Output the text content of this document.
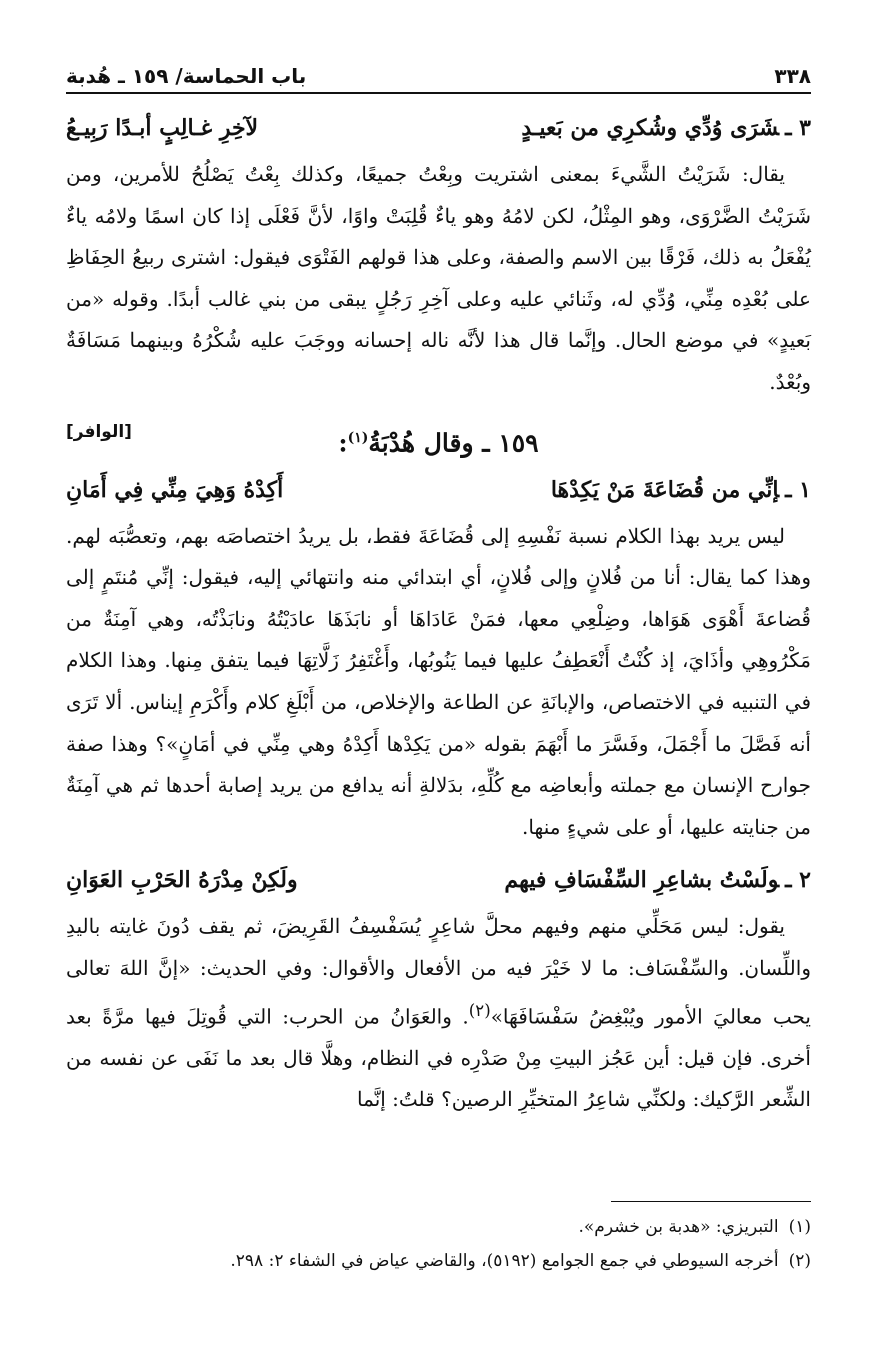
٣٣٨
باب الحماسة/ ١٥٩ ـ هُدبة
٣ ـشَرَى وُدِّي وشُكرِي من بَعيـدٍ
لآخِرِ غـالِبٍ أبـدًا رَبِيـعُ

يقال: شَرَيْتُ الشَّيءَ بمعنى اشتريت وبِعْتُ جميعًا، وكذلك بِعْتُ يَصْلُحُ للأمرين، ومن شَرَيْتُ الضَّرْوَى، وهو المِثْلُ، لكن لامُهُ وهو ياءٌ قُلِبَتْ واوًا، لأنَّ فَعْلَى إذا كان اسمًا ولامُه ياءٌ يُفْعَلُ به ذلك، فَرْقًا بين الاسم والصفة، وعلى هذا قولهم الفَتْوَى فيقول: اشترى ربيعُ الحِفَاظِ على بُعْدِه مِنِّي، وُدِّي له، وثَنائي عليه وعلى آخِرِ رَجُلٍ يبقى من بني غالب أبدًا. وقوله «من بَعيدٍ» في موضع الحال. وإنَّما قال هذا لأنَّه ناله إحسانه ووجَبَ عليه شُكْرُهُ وبينهما مَسَافَةٌ وبُعْدٌ.

١٥٩ ـ وقال هُدْبَةُ$^{(١)}$:
[الوافر]
١ ـإنِّي من قُضَاعَةَ مَنْ يَكِدْهَا
أَكِدْهُ وَهِيَ مِنِّي فِي أَمَانِ

ليس يريد بهذا الكلام نسبة نَفْسِهِ إلى قُضَاعَةَ فقط، بل يريدُ اختصاصَه بهم، وتعصُّبَه لهم. وهذا كما يقال: أنا من فُلانٍ وإلى فُلانٍ، أي ابتدائي منه وانتهائي إليه، فيقول: إنِّي مُنتَمٍ إلى قُضاعةَ أَهْوَى هَوَاها، وضِلْعِي معها، فمَنْ عَادَاهَا أو نابَذَهَا عادَيْتُهُ ونابَذْتُه، وهي آمِنَةٌ من مَكْرُوهِي وأذَايَ، إذ كُنْتُ أَنْعَطِفُ عليها فيما يَنُوبُها، وأَغْتَفِرُ زَلَّاتِهَا فيما يتفق مِنها. وهذا الكلام في التنبيه في الاختصاص، والإبانَةِ عن الطاعة والإخلاص، من أَبْلَغِ كلام وأَكْرَمِ إيناس. ألا تَرَى أنه فَصَّلَ ما أَجْمَلَ، وفَسَّرَ ما أَبْهَمَ بقوله «من يَكِدْها أَكِدْهُ وهي مِنِّي في أمَانٍ»؟ وهذا صفة جوارح الإنسان مع جملته وأبعاضِه مع كُلِّهِ، بدَلالةِ أنه يدافع من يريد إصابة أحدها ثم هي آمِنَةٌ من جنايته عليها، أو على شيءٍ منها.

٢ ـولَسْتُ بشاعِرِ السِّفْسَافِ فيهم
ولَكِنْ مِدْرَهُ الحَرْبِ العَوَانِ

يقول: ليس مَحَلِّي منهم وفيهم محلَّ شاعِرٍ يُسَفْسِفُ القَرِيضَ، ثم يقف دُونَ غايته باليدِ واللِّسان. والسِّفْسَاف: ما لا خَيْرَ فيه من الأفعال والأقوال: وفي الحديث: «إنَّ اللهَ تعالى يحب معاليَ الأمور ويُبْغِضُ سَفْسَافَهَا»$^{(٢)}$. والعَوَانُ من الحرب: التي قُوتِلَ فيها مرَّةً بعد أخرى. فإن قيل: أين عَجُز البيتِ مِنْ صَدْرِه في النظام، وهلَّا قال بعد ما نَفَى عن نفسه من الشِّعر الرَّكيك: ولكنِّي شاعِرُ المتخيِّرِ الرصين؟ قلتُ: إنَّما

(١)التبريزي: «هدبة بن خشرم».
(٢)أخرجه السيوطي في جمع الجوامع (٥١٩٢)، والقاضي عياض في الشفاء ٢: ٢٩٨.
